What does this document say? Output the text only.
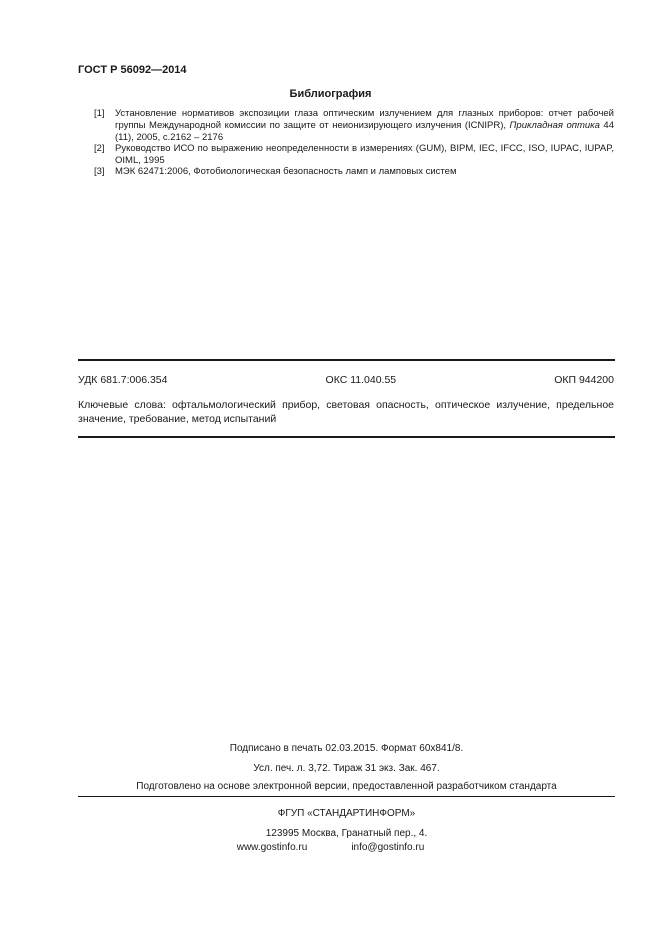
ГОСТ Р 56092—2014
Библиография
[1] Установление нормативов экспозиции глаза оптическим излучением для глазных приборов: отчет рабочей группы Международной комиссии по защите от неионизирующего излучения (ICNIPR), Прикладная оптика 44 (11), 2005, с.2162 – 2176
[2] Руководство ИСО по выражению неопределенности в измерениях (GUM), BIPM, IEC, IFCC, ISO, IUPAC, IUPAP, OIML, 1995
[3] МЭК 62471:2006, Фотобиологическая безопасность ламп и ламповых систем
УДК 681.7:006.354	ОКС 11.040.55	ОКП 944200
Ключевые слова: офтальмологический прибор, световая опасность, оптическое излучение, предельное значение, требование, метод испытаний
Подписано в печать 02.03.2015. Формат 60x841/8.
Усл. печ. л. 3,72. Тираж 31 экз. Зак. 467.
Подготовлено на основе электронной версии, предоставленной разработчиком стандарта
ФГУП «СТАНДАРТИНФОРМ»
123995 Москва, Гранатный пер., 4.
www.gostinfo.ru	info@gostinfo.ru
